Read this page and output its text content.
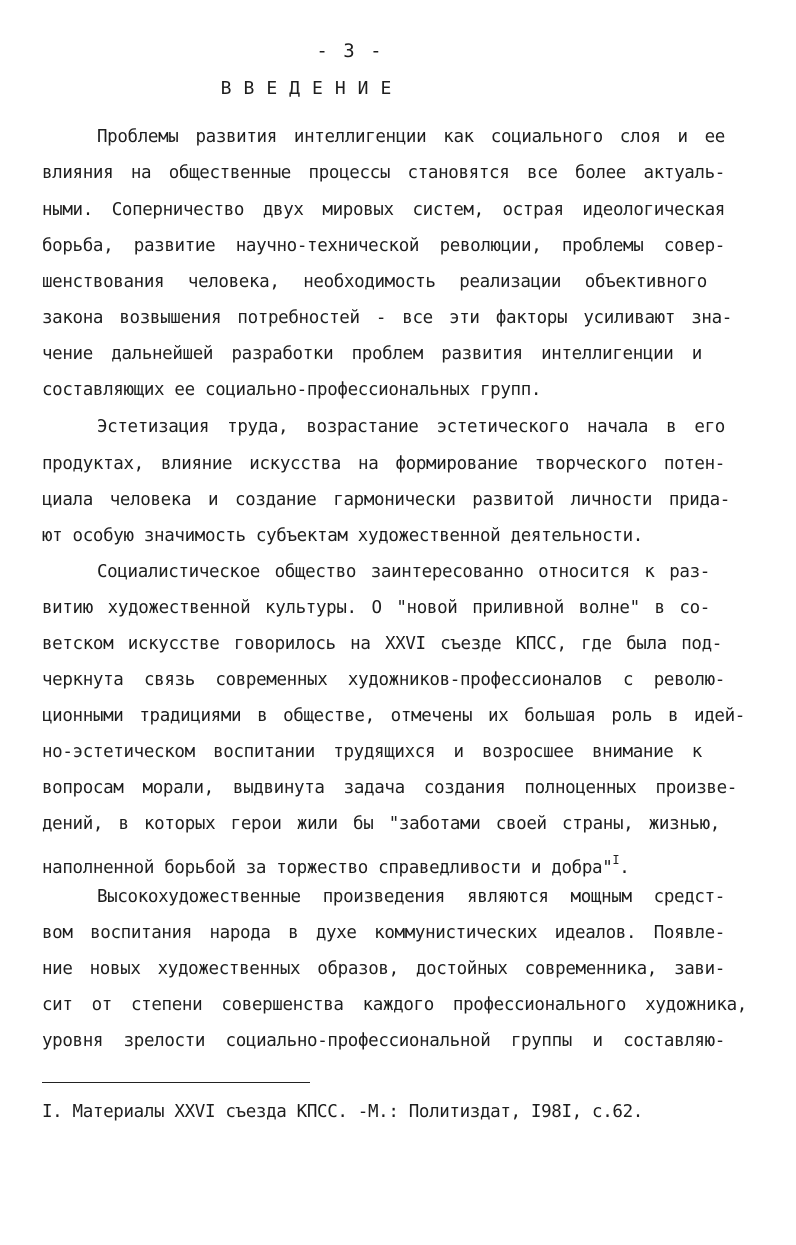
- 3 -
ВВЕДЕНИЕ
Проблемы развития интеллигенции как социального слоя и ее
влияния на общественные процессы становятся все более актуаль-
ными. Соперничество двух мировых систем, острая идеологическая
борьба, развитие научно-технической революции, проблемы совер-
шенствования человека, необходимость реализации объективного
закона возвышения потребностей - все эти факторы усиливают зна-
чение дальнейшей разработки проблем развития интеллигенции и
составляющих ее социально-профессиональных групп.
Эстетизация труда, возрастание эстетического начала в его
продуктах, влияние искусства на формирование творческого потен-
циала человека и создание гармонически развитой личности прида-
ют особую значимость субъектам художественной деятельности.
Социалистическое общество заинтересованно относится к раз-
витию художественной культуры. О "новой приливной волне" в со-
ветском искусстве говорилось на XXVI съезде КПСС, где была под-
черкнута связь современных художников-профессионалов с револю-
ционными традициями в обществе, отмечены их большая роль в идей-
но-эстетическом воспитании трудящихся и возросшее внимание к
вопросам морали, выдвинута задача создания полноценных произве-
дений, в которых герои жили бы "заботами своей страны, жизнью,
наполненной борьбой за торжество справедливости и добра"$^I$.
Высокохудожественные произведения являются мощным средст-
вом воспитания народа в духе коммунистических идеалов. Появле-
ние новых художественных образов, достойных современника, зави-
сит от степени совершенства каждого профессионального художника,
уровня зрелости социально-профессиональной группы и составляю-
I. Материалы XXVI съезда КПСС. -М.: Политиздат, I98I, с.62.
